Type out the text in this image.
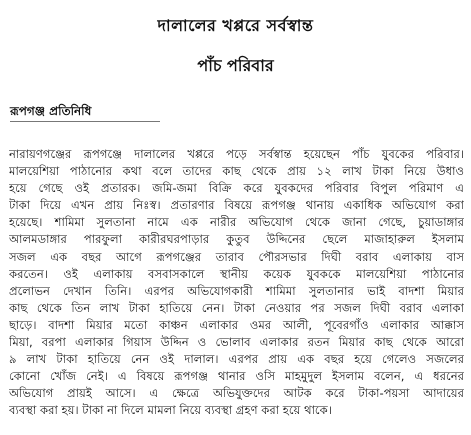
দালালের খপ্পরে সর্বস্বান্ত
পাঁচ পরিবার
রূপগঞ্জ প্রতিনিধি
নারায়ণগঞ্জের রূপগঞ্জে দালালের খপ্পরে পড়ে সর্বস্বান্ত হয়েছেন পাঁচ যুবকের পরিবার।
মালয়েশিয়া পাঠানোর কথা বলে তাদের কাছ থেকে প্রায় ১২ লাখ টাকা নিয়ে উধাও
হয়ে গেছে ওই প্রতারক। জমি-জমা বিক্রি করে যুবকদের পরিবার বিপুল পরিমাণ এ
টাকা দিয়ে এখন প্রায় নিঃস্ব। প্রতারণার বিষয়ে রূপগঞ্জ থানায় একাধিক অভিযোগ করা
হয়েছে। শামিমা সুলতানা নামে এক নারীর অভিযোগ থেকে জানা গেছে, চুয়াডাঙ্গার
আলমডাঙ্গার পারফুলা কারীরঘরপাড়ার কুতুব উদ্দিনের ছেলে মাজাহারুল ইসলাম
সজল এক বছর আগে রূপগঞ্জের তারাব পৌরসভার দিঘী বরাব এলাকায় বাস
করতেন। ওই এলাকায় বসবাসকালে স্থানীয় কয়েক যুবককে মালয়েশিয়া পাঠানোর
প্রলোভন দেখান তিনি। এরপর অভিযোগকারী শামিমা সুলতানার ভাই বাদশা মিয়ার
কাছ থেকে তিন লাখ টাকা হাতিয়ে নেন। টাকা নেওয়ার পর সজল দিঘী বরাব এলাকা
ছাড়ে। বাদশা মিয়ার মতো কাঞ্চন এলাকার ওমর আলী, পূবেরগাঁও এলাকার আক্কাস
মিয়া, বরপা এলাকার গিয়াস উদ্দিন ও ভোলাব এলাকার রতন মিয়ার কাছ থেকে আরো
৯ লাখ টাকা হাতিয়ে নেন ওই দালাল। এরপর প্রায় এক বছর হয়ে গেলেও সজলের
কোনো খোঁজ নেই। এ বিষয়ে রূপগঞ্জ থানার ওসি মাহমুদুল ইসলাম বলেন, এ ধরনের
অভিযোগ প্রায়ই আসে। এ ক্ষেত্রে অভিযুক্তদের আটক করে টাকা-পয়সা আদায়ের
ব্যবস্থা করা হয়। টাকা না দিলে মামলা নিয়ে ব্যবস্থা গ্রহণ করা হয়ে থাকে।
